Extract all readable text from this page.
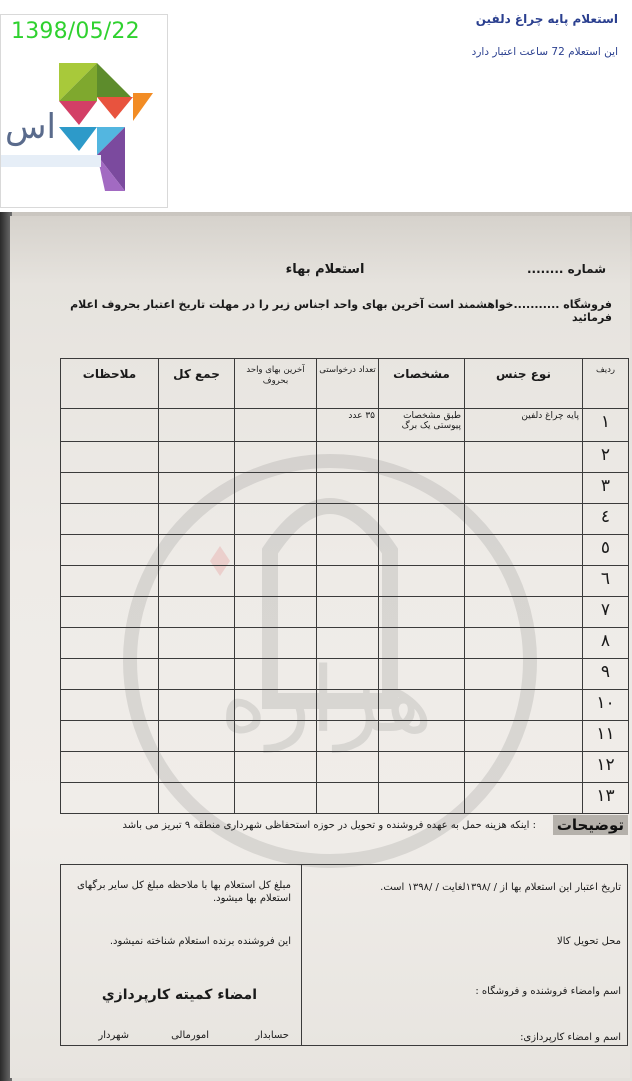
اس
1398/05/22	استعلام پایه چراغ دلفین
این استعلام 72 ساعت اعتبار دارد
هزاره
شماره ........
استعلام بهاء
فروشگاه ...........خواهشمند است آخرین بهای واحد اجناس زیر را در مهلت تاریخ اعتبار بحروف اعلام فرمائید
ردیف	نوع جنس	مشخصات	تعداد درخواستی	آخرین بهای واحد بحروف	جمع کل	ملاحظات
۱	پایه چراغ دلفین	طبق مشخصات پیوستی یک برگ	۳۵ عدد			
۲						
۳						
٤						
٥						
٦						
۷						
۸						
۹						
۱۰						
۱۱						
۱۲						
۱۳						
توضیحات
: اینکه هزینه حمل به عهده فروشنده و تحویل در حوزه استحفاظی شهرداری منطقه ۹ تبریز می باشد
تاریخ اعتبار این استعلام بها از / /۱۳۹۸لغایت / /۱۳۹۸ است.
محل تحویل کالا
اسم وامضاء فروشنده و فروشگاه :
اسم و امضاء کارپردازی:
مبلغ کل استعلام بها با ملاحظه مبلغ کل سایر برگهای استعلام بها میشود.
این فروشنده برنده استعلام شناخته نمیشود.
امضاء کمیته کارپردازي
حسابدار
امورمالی
شهردار
